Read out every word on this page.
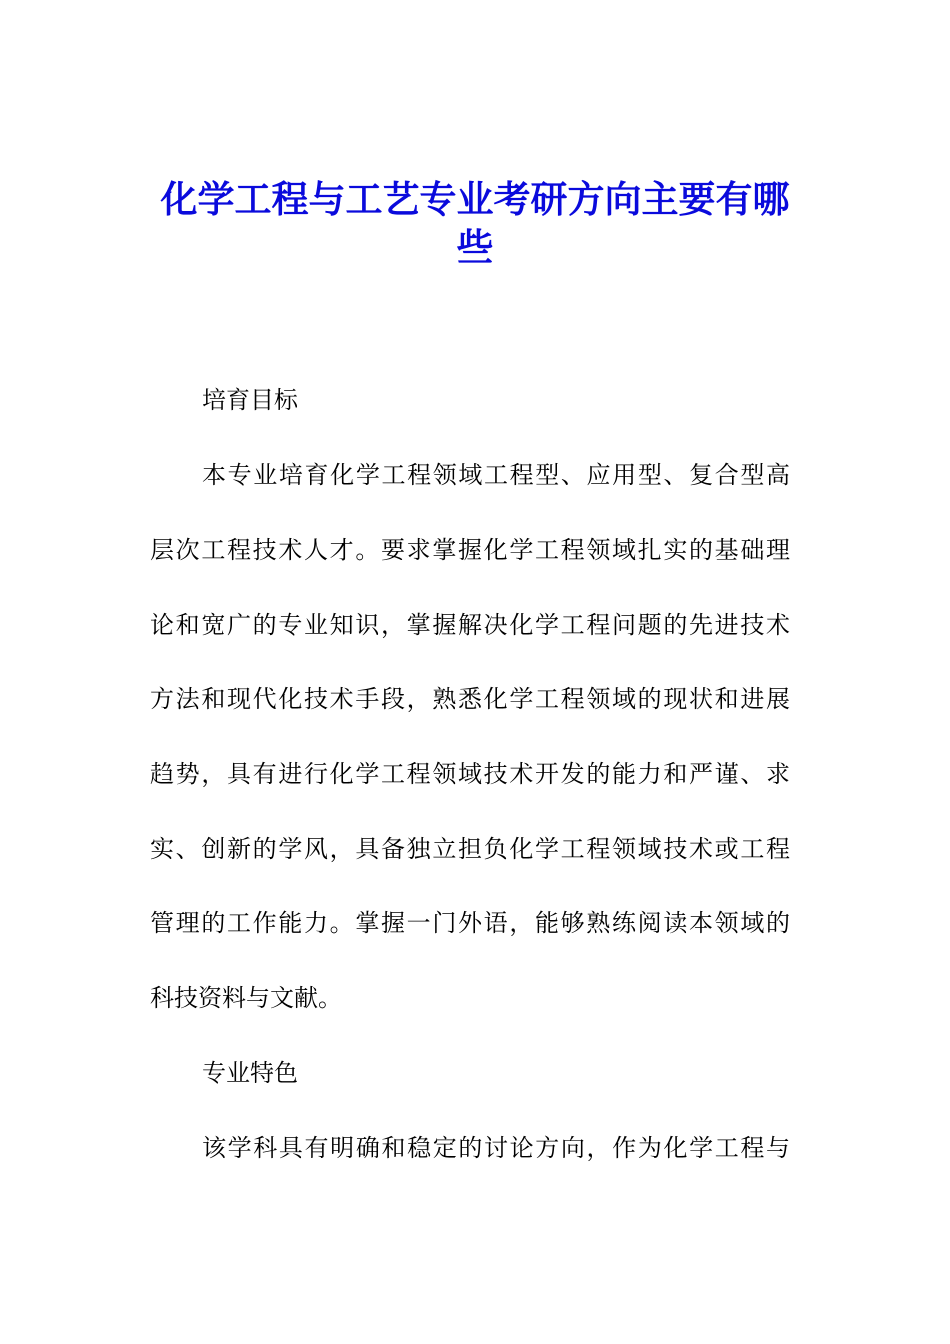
化学工程与工艺专业考研方向主要有哪
些

培育目标

本专业培育化学工程领域工程型、应用型、复合型高

层次工程技术人才。要求掌握化学工程领域扎实的基础理

论和宽广的专业知识，掌握解决化学工程问题的先进技术

方法和现代化技术手段，熟悉化学工程领域的现状和进展

趋势，具有进行化学工程领域技术开发的能力和严谨、求

实、创新的学风，具备独立担负化学工程领域技术或工程

管理的工作能力。掌握一门外语，能够熟练阅读本领域的

科技资料与文献。

专业特色

该学科具有明确和稳定的讨论方向，作为化学工程与
